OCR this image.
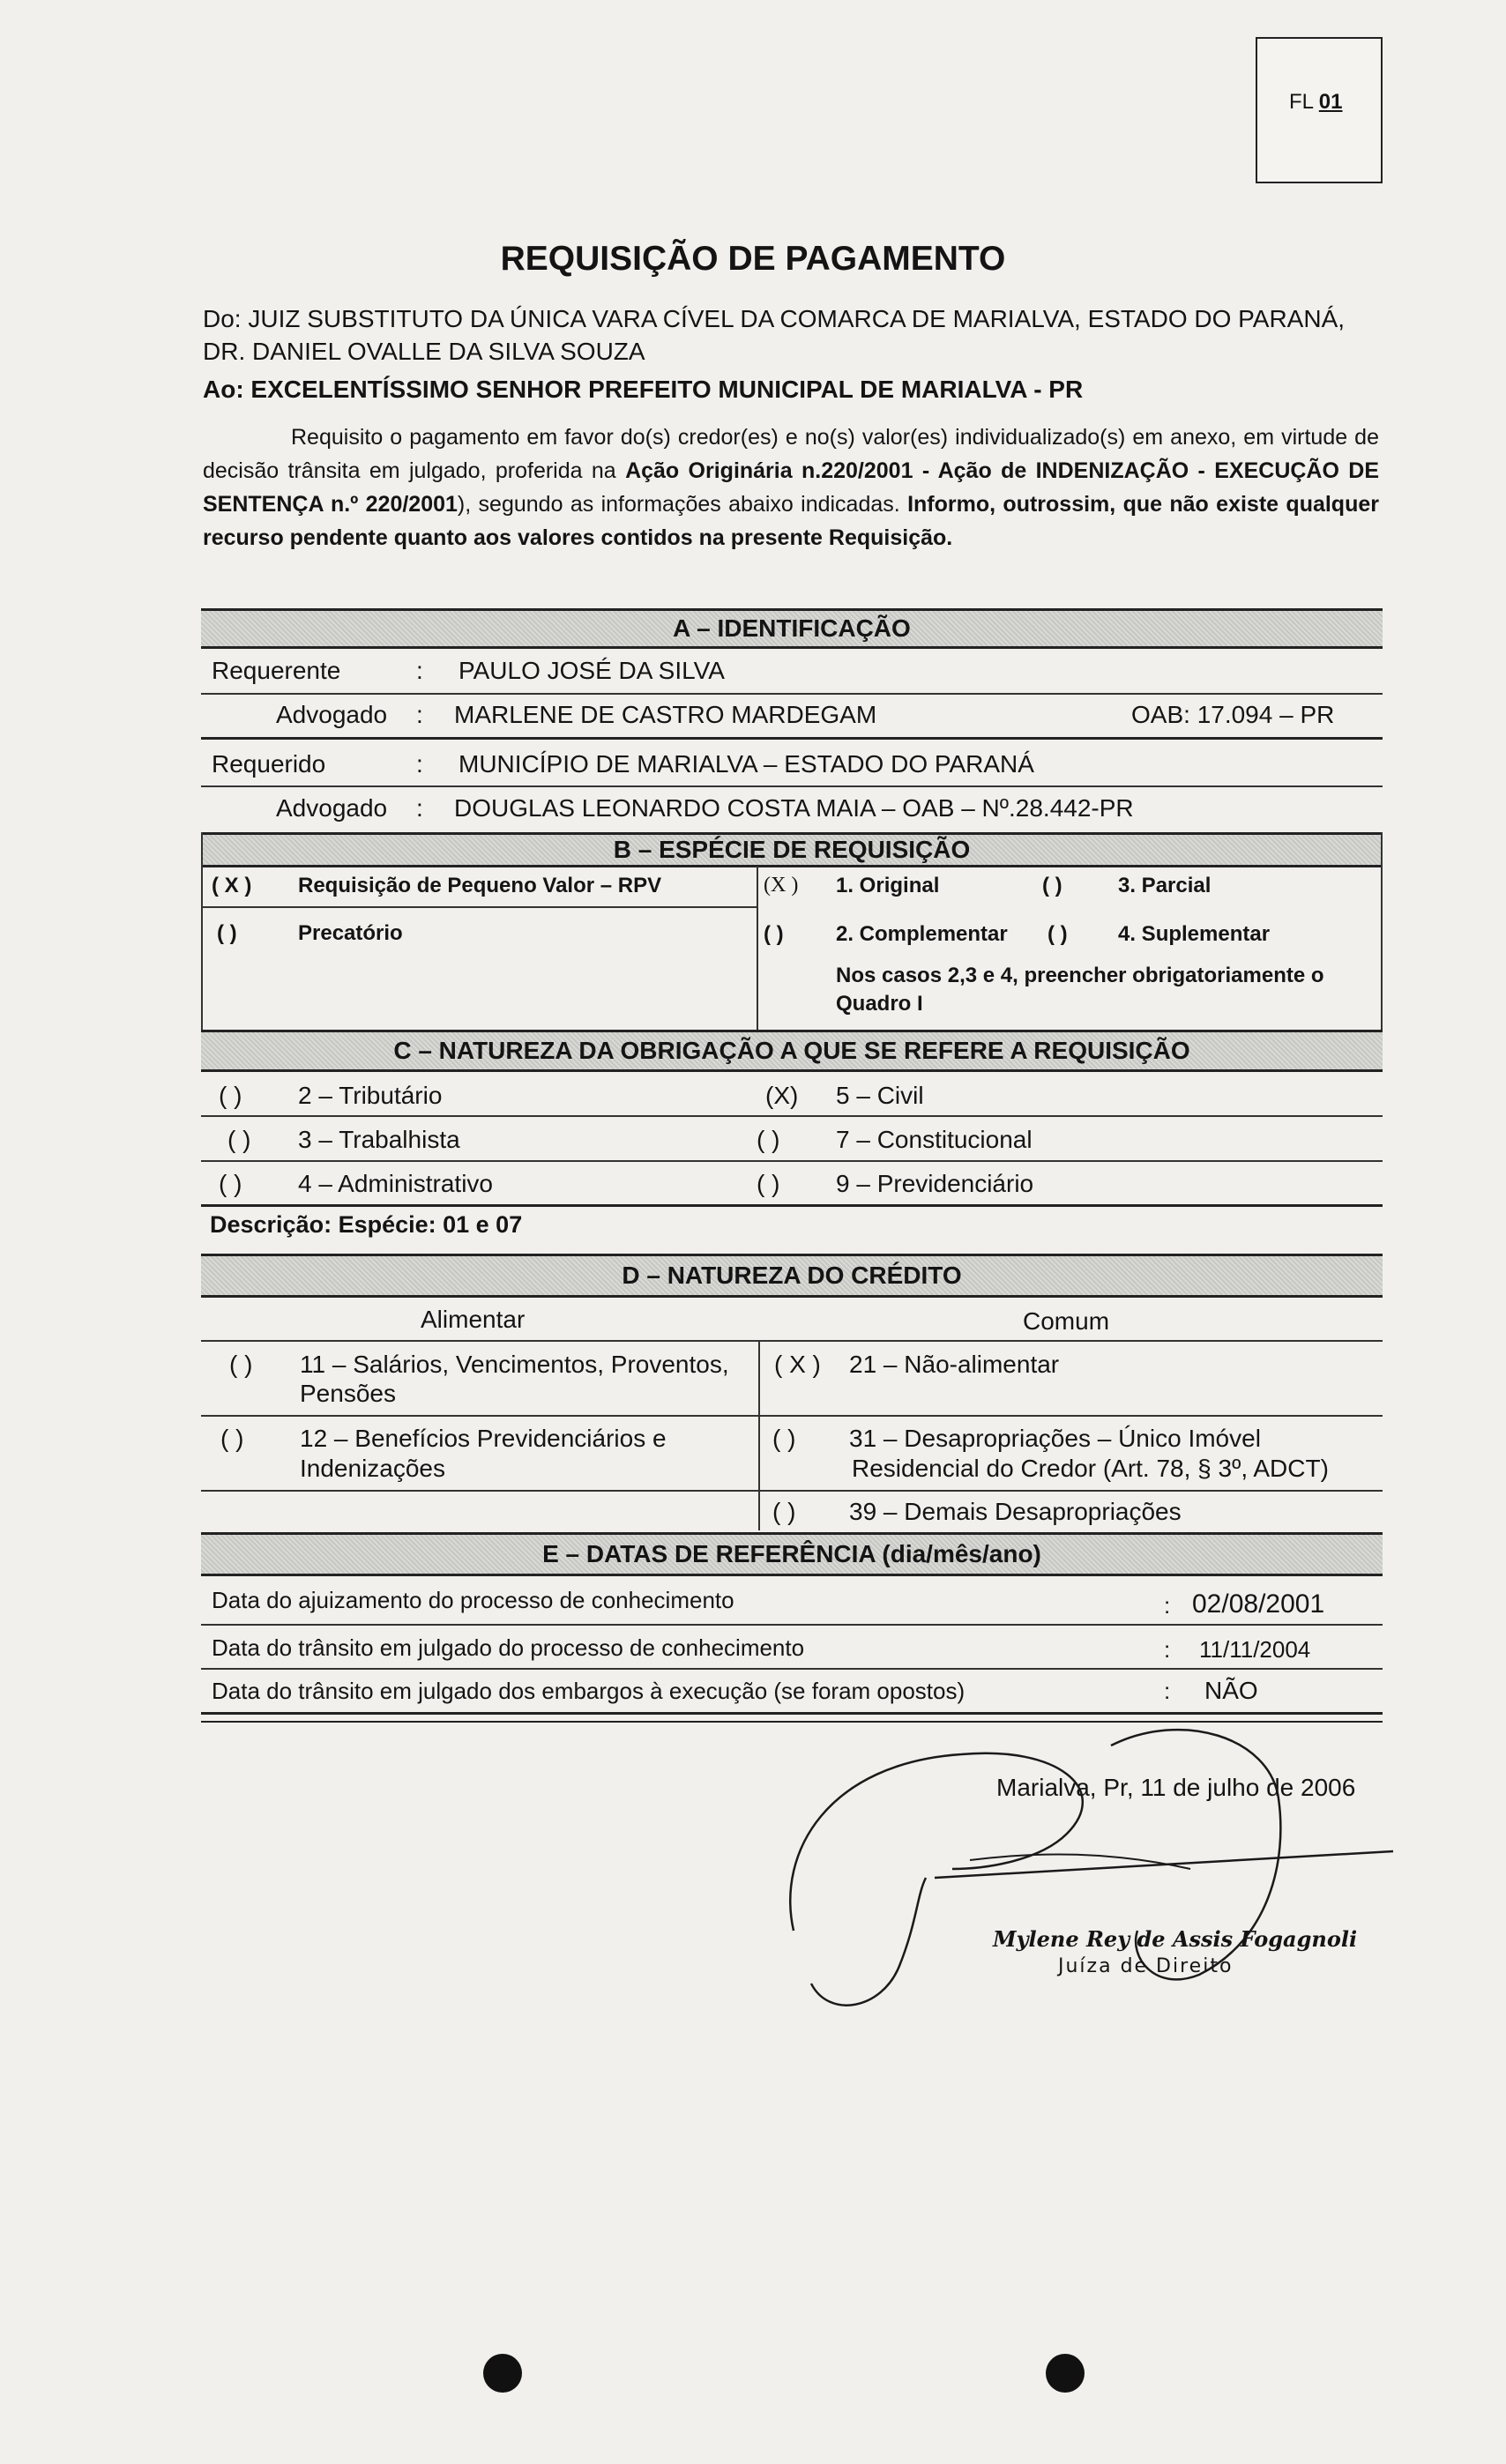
FL 01
REQUISIÇÃO DE PAGAMENTO
Do: JUIZ SUBSTITUTO DA ÚNICA VARA CÍVEL DA COMARCA DE MARIALVA, ESTADO DO PARANÁ, DR. DANIEL OVALLE DA SILVA SOUZA
Ao: EXCELENTÍSSIMO SENHOR PREFEITO MUNICIPAL DE MARIALVA - PR
Requisito o pagamento em favor do(s) credor(es) e no(s) valor(es) individualizado(s) em anexo, em virtude de decisão trânsita em julgado, proferida na Ação Originária n.220/2001 - Ação de INDENIZAÇÃO - EXECUÇÃO DE SENTENÇA n.º 220/2001), segundo as informações abaixo indicadas. Informo, outrossim, que não existe qualquer recurso pendente quanto aos valores contidos na presente Requisição.
A – IDENTIFICAÇÃO
Requerente	: PAULO JOSÉ DA SILVA
Advogado : MARLENE DE CASTRO MARDEGAM	OAB: 17.094 – PR
Requerido	: MUNICÍPIO DE MARIALVA – ESTADO DO PARANÁ
Advogado : DOUGLAS LEONARDO COSTA MAIA – OAB – Nº.28.442-PR
B – ESPÉCIE DE REQUISIÇÃO
( X ) Requisição de Pequeno Valor – RPV
( )	Precatório
(X ) 1. Original	( )	3. Parcial
( ) 2. Complementar ( ) 4. Suplementar
Nos casos 2,3 e 4, preencher obrigatoriamente o
Quadro I
C – NATUREZA DA OBRIGAÇÃO A QUE SE REFERE A REQUISIÇÃO
( ) 2 – Tributário	(X) 5 – Civil
( ) 3 – Trabalhista	( ) 7 – Constitucional
( ) 4 – Administrativo	( ) 9 – Previdenciário
Descrição: Espécie: 01 e 07
D – NATUREZA DO CRÉDITO
Alimentar	Comum
( ) 11 – Salários, Vencimentos, Proventos,
Pensões
( X ) 21 – Não-alimentar
( ) 12 – Benefícios Previdenciários e
Indenizações
( ) 31 – Desapropriações – Único Imóvel
Residencial do Credor (Art. 78, § 3º, ADCT)
( ) 39 – Demais Desapropriações
E – DATAS DE REFERÊNCIA (dia/mês/ano)
Data do ajuizamento do processo de conhecimento	: 02/08/2001
Data do trânsito em julgado do processo de conhecimento	: 11/11/2004
Data do trânsito em julgado dos embargos à execução (se foram opostos)	: NÃO
Marialva, Pr, 11 de julho de 2006
Mylene Rey de Assis Fogagnoli
Juíza de Direito
